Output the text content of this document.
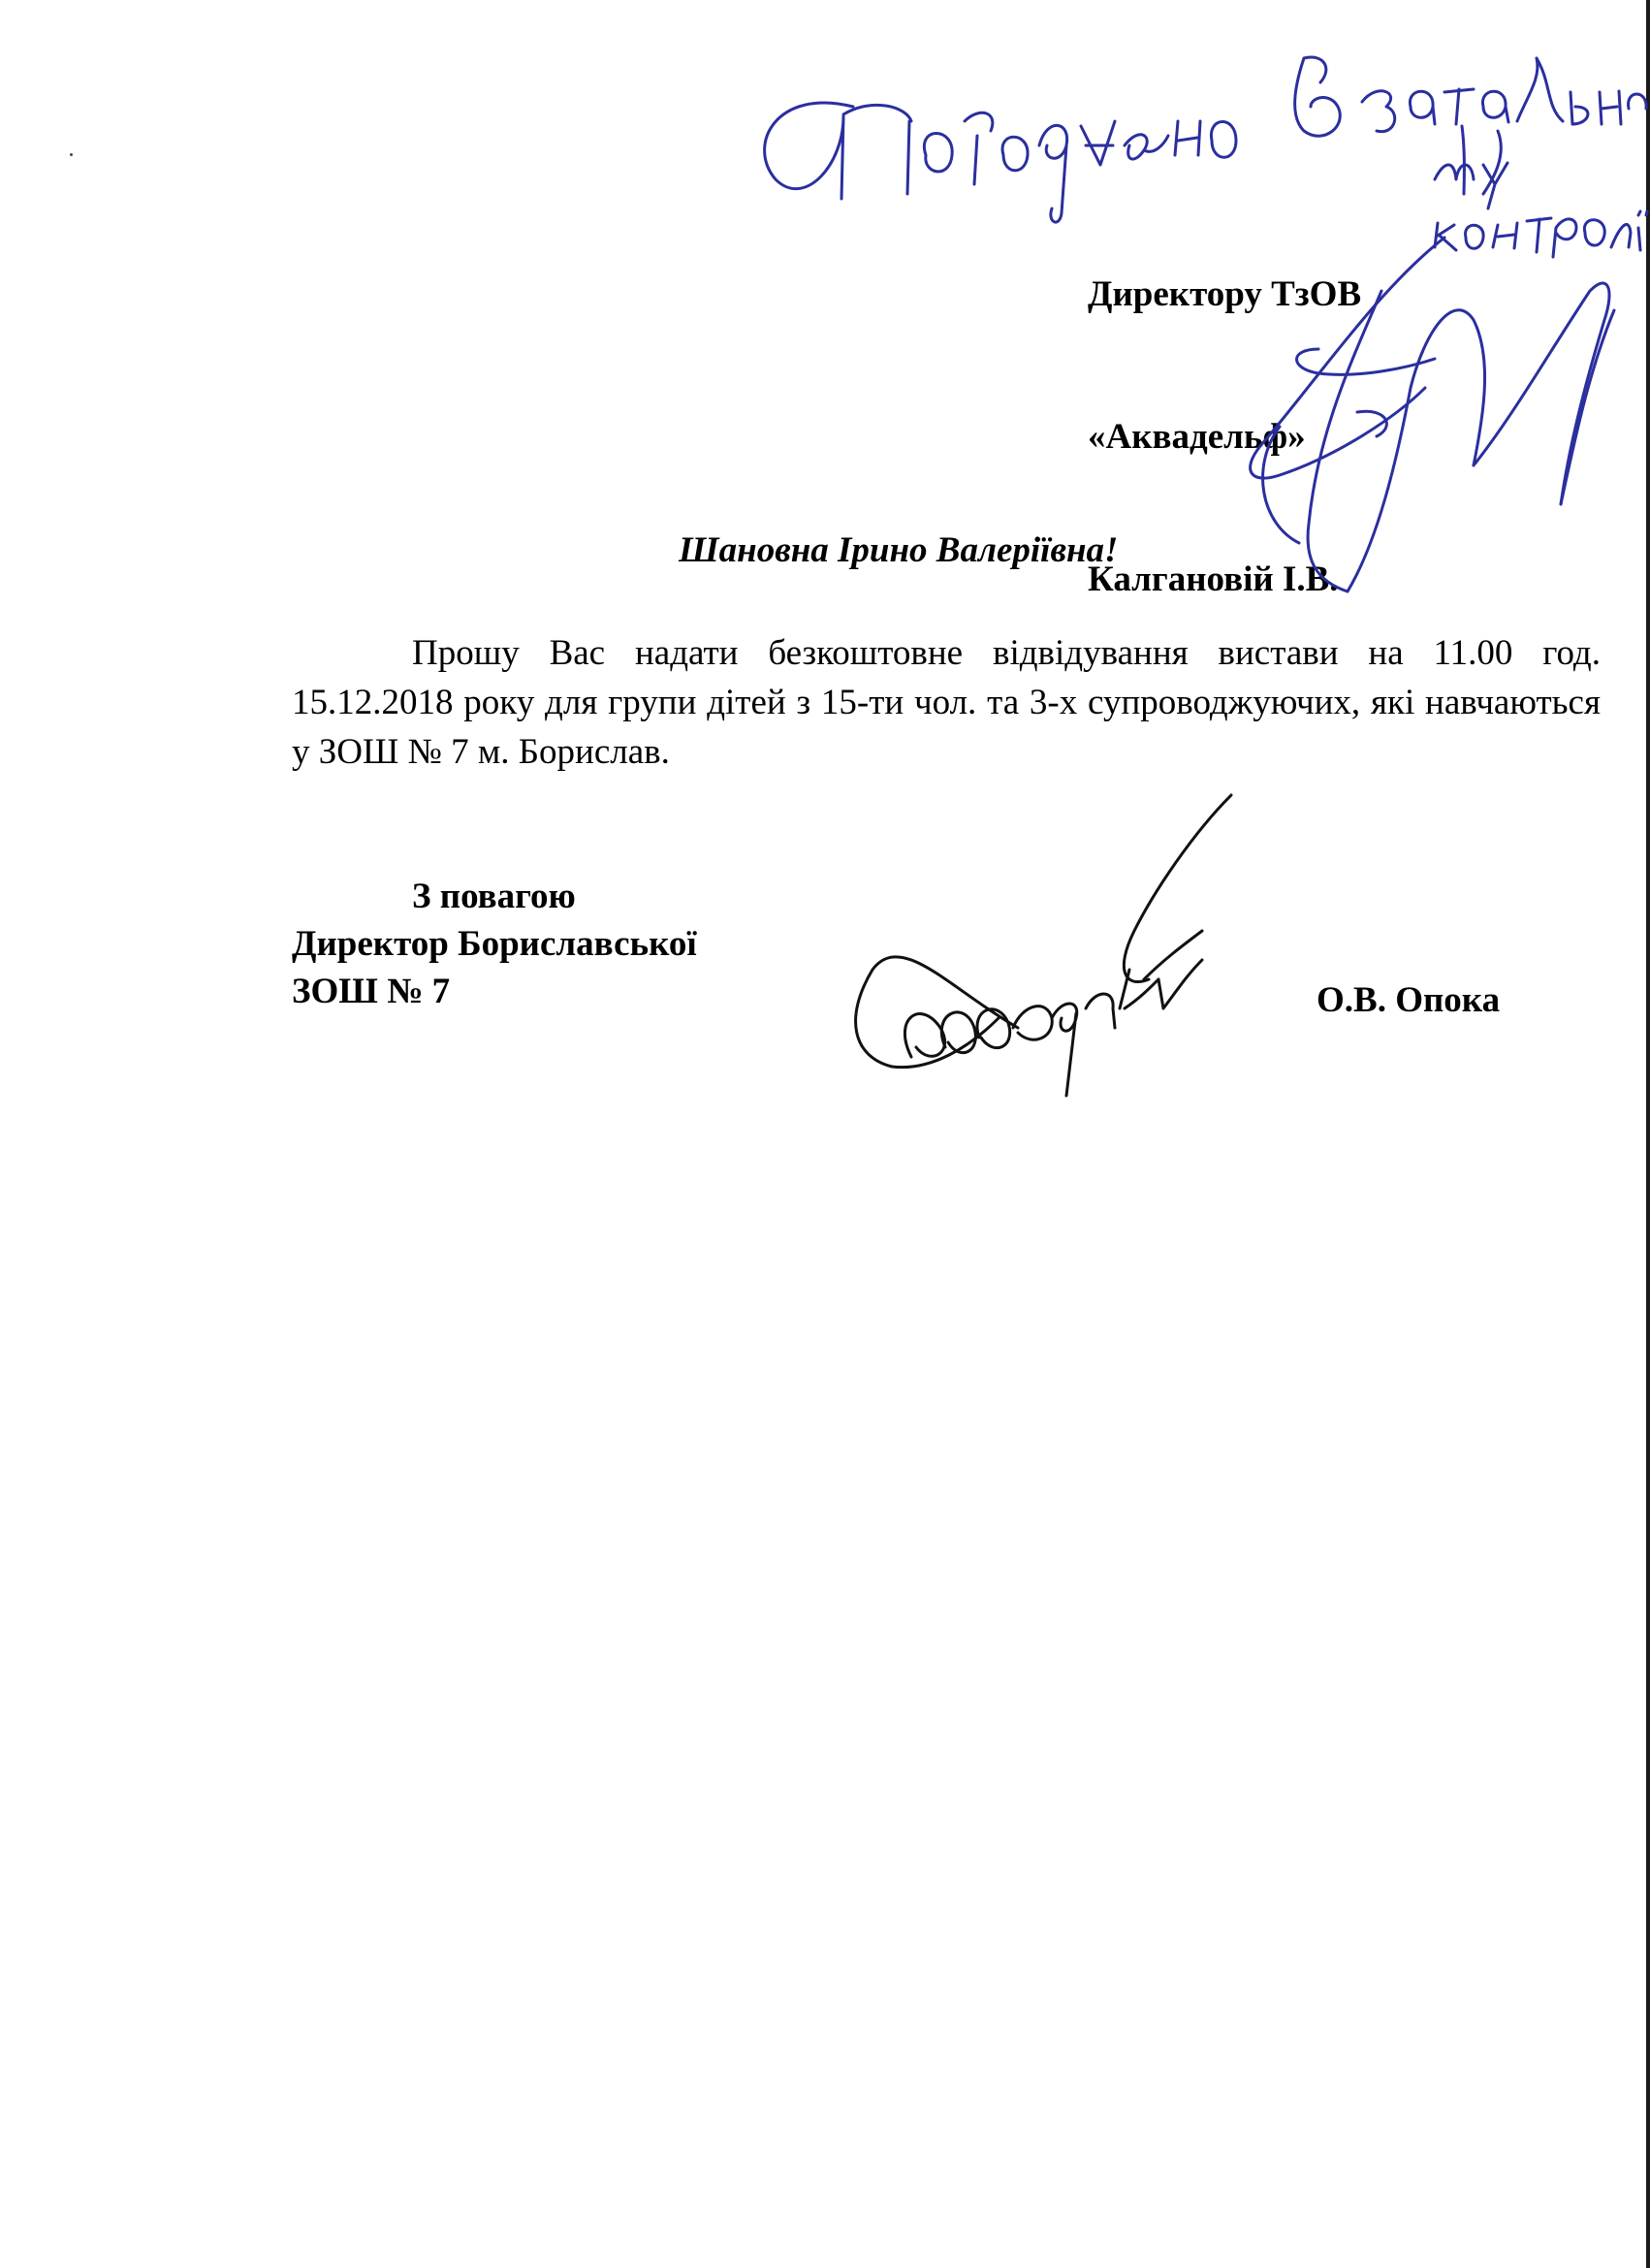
Директору ТзОВ

«Аквадельф»

Калгановій І.В.

Шановна Ірино Валеріївна!
Прошу Вас надати безкоштовне відвідування вистави на 11.00 год. 15.12.2018 року для групи дітей з 15-ти чол. та 3-х супроводжуючих, які навчаються у ЗОШ № 7 м. Борислав.
З повагою
Директор Бориславської
ЗОШ № 7	О.В. Опока
